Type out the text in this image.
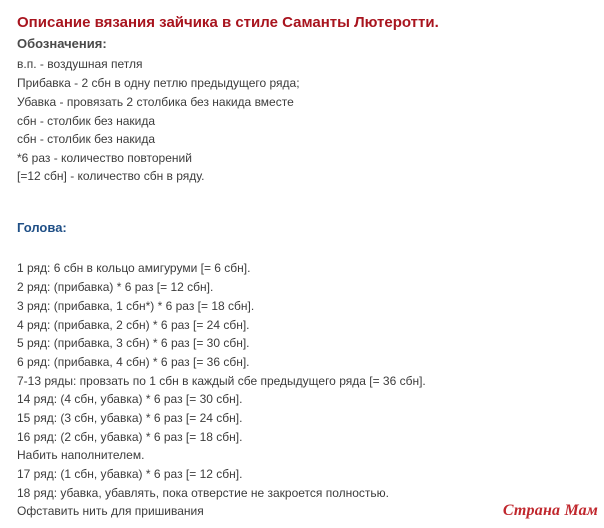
Описание вязания зайчика в стиле Саманты Лютеротти.
Обозначения:
в.п. - воздушная петля
Прибавка - 2 сбн в одну петлю предыдущего ряда;
Убавка - провязать 2 столбика без накида вместе
сбн - столбик без накида
сбн - столбик без накида
*6 раз - количество повторений
[=12 сбн] - количество сбн в ряду.
Голова:
1 ряд: 6 сбн в кольцо амигуруми [= 6 сбн].
2 ряд: (прибавка) * 6 раз [= 12 сбн].
3 ряд: (прибавка, 1 сбн*) * 6 раз [= 18 сбн].
4 ряд: (прибавка, 2 сбн) * 6 раз [= 24 сбн].
5 ряд: (прибавка, 3 сбн) * 6 раз [= 30 сбн].
6 ряд: (прибавка, 4 сбн) * 6 раз [= 36 сбн].
7-13 ряды: провзать по 1 сбн в каждый сбе предыдущего ряда [= 36 сбн].
14 ряд: (4 сбн, убавка) * 6 раз [= 30 сбн].
15 ряд: (3 сбн, убавка) * 6 раз [= 24 сбн].
16 ряд: (2 сбн, убавка) * 6 раз [= 18 сбн].
Набить наполнителем.
17 ряд: (1 сбн, убавка) * 6 раз [= 12 сбн].
18 ряд: убавка, убавлять, пока отверстие не закроется полностью.
Офстaвить нить для пришивания	Страна Мам
